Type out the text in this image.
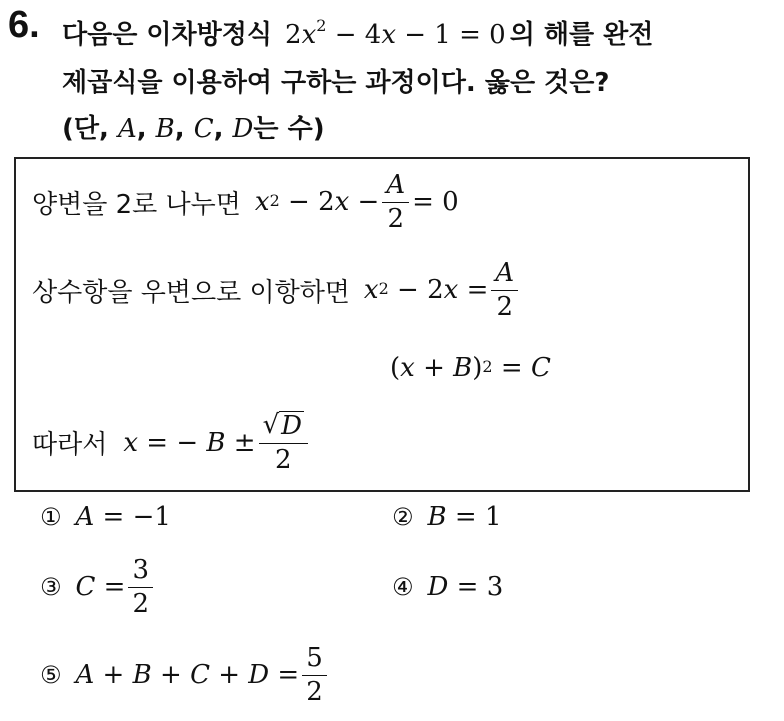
6. 다음은 이차방정식 $2x^2 - 4x - 1 = 0$ 의 해를 완전
제곱식을 이용하여 구하는 과정이다. 옳은 것은?
(단, A, B, C, D는 수)
양변을 2로 나누면 $x^2 - 2$ $x - \frac{A}{2} = 0$
상수항을 우변으로 이항하면 $x^2 - 2$ $x = \frac{A}{2}$
( x + B )$^2$ = C
따라서 x = − $B \pm \frac{√ D}{2}$
① A = −1	② B = 1
③ $C = \frac{3}{2}$	④ D = 3
⑤ $A + B + C + D = \frac{5}{2}$
